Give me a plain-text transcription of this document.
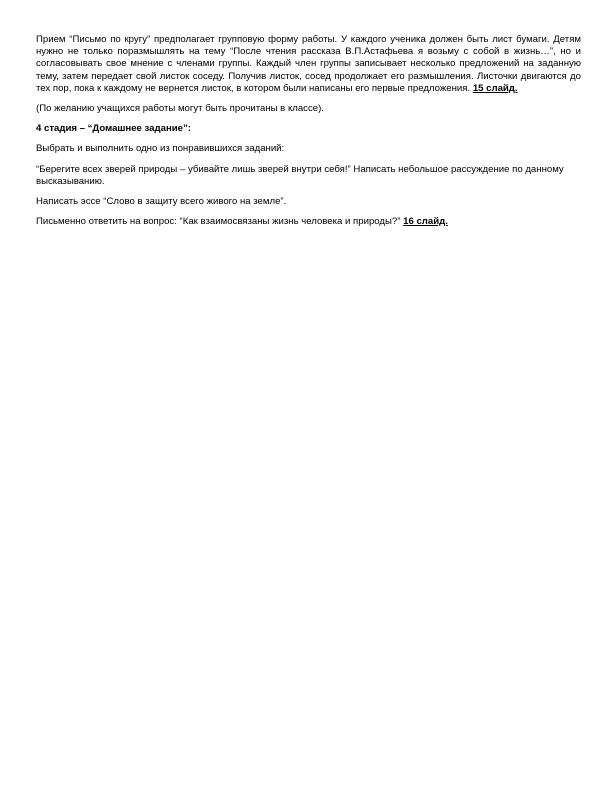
Прием “Письмо по кругу” предполагает групповую форму работы. У каждого ученика должен быть лист бумаги. Детям нужно не только поразмышлять на тему “После чтения рассказа В.П.Астафьева я возьму с собой в жизнь…”, но и согласовывать свое мнение с членами группы. Каждый член группы записывает несколько предложений на заданную тему, затем передает свой листок соседу. Получив листок, сосед продолжает его размышления. Листочки двигаются до тех пор, пока к каждому не вернется листок, в котором были написаны его первые предложения. 15 слайд.

(По желанию учащихся работы могут быть прочитаны в классе).

4 стадия – “Домашнее задание”:

Выбрать и выполнить одно из понравившихся заданий:

“Берегите всех зверей природы – убивайте лишь зверей внутри себя!” Написать небольшое рассуждение по данному высказыванию.

Написать эссе “Слово в защиту всего живого на земле”.

Письменно ответить на вопрос: “Как взаимосвязаны жизнь человека и природы?” 16 слайд.
